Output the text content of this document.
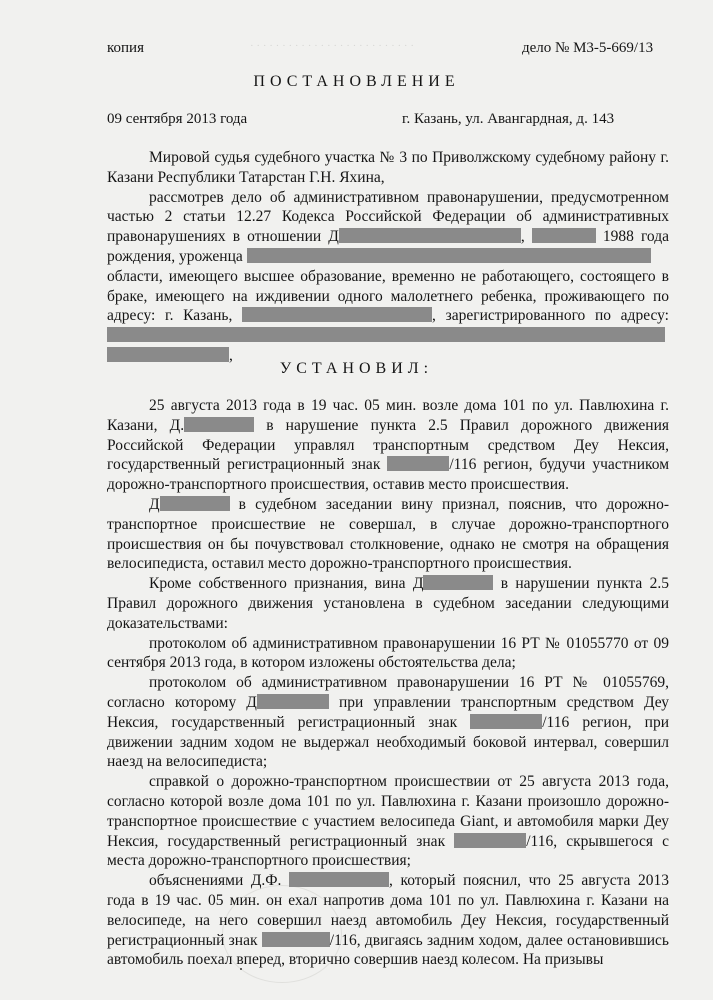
· · · · · · · · · · · · · · · · · · · · · · · · · ·
копия	дело № М3-5-669/13
ПОСТАНОВЛЕНИЕ
09 сентября 2013 года	г. Казань, ул. Авангардная, д. 143

Мировой судья судебного участка № 3 по Приволжскому судебному району г. Казани Республики Татарстан Г.Н. Яхина,

рассмотрев дело об административном правонарушении, предусмотренном частью 2 статьи 12.27 Кодекса Российской Федерации об административных правонарушениях в отношении Д	,	1988 года рождения, уроженца

области, имеющего высшее образование, временно не работающего, состоящего в браке, имеющего на иждивении одного малолетнего ребенка, проживающего по адресу: г. Казань,	, зарегистрированного по адресу:  ,

УСТАНОВИЛ:

25 августа 2013 года в 19 час. 05 мин. возле дома 101 по ул. Павлюхина г. Казани, Д.	в нарушение пункта 2.5 Правил дорожного движения Российской Федерации управлял транспортным средством Деу Нексия, государственный регистрационный знак	/116 регион, будучи участником дорожно-транспортного происшествия, оставив место происшествия.

Д	в судебном заседании вину признал, пояснив, что дорожно-транспортное происшествие не совершал, в случае дорожно-транспортного происшествия он бы почувствовал столкновение, однако не смотря на обращения велосипедиста, оставил место дорожно-транспортного происшествия.

Кроме собственного признания, вина Д	в нарушении пункта 2.5 Правил дорожного движения установлена в судебном заседании следующими доказательствами:

протоколом об административном правонарушении 16 РТ № 01055770 от 09 сентября 2013 года, в котором изложены обстоятельства дела;

протоколом об административном правонарушении 16 РТ № 01055769, согласно которому Д	при управлении транспортным средством Деу Нексия, государственный регистрационный знак	/116 регион, при движении задним ходом не выдержал необходимый боковой интервал, совершил наезд на велосипедиста;

справкой о дорожно-транспортном происшествии от 25 августа 2013 года, согласно которой возле дома 101 по ул. Павлюхина г. Казани произошло дорожно-транспортное происшествие с участием велосипеда Giant, и автомобиля марки Деу Нексия, государственный регистрационный знак	/116, скрывшегося с места дорожно-транспортного происшествия;

объяснениями Д.Ф.	, который пояснил, что 25 августа 2013 года в 19 час. 05 мин. он ехал напротив дома 101 по ул. Павлюхина г. Казани на велосипеде, на него совершил наезд автомобиль Деу Нексия, государственный регистрационный знак	/116, двигаясь задним ходом, далее остановившись автомобиль поехал вперед, вторично совершив наезд колесом. На призывы
